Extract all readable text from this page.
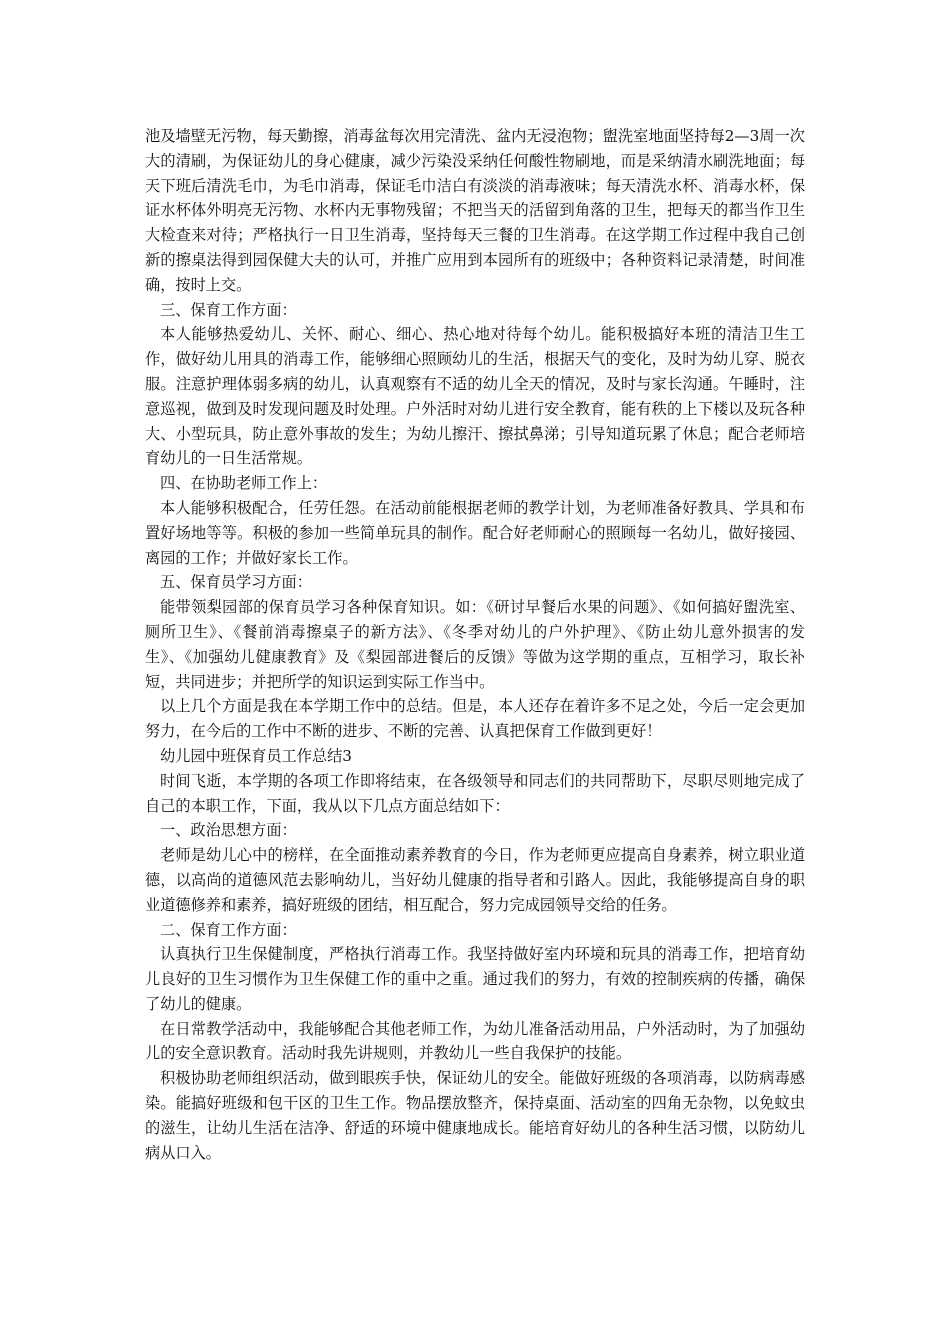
池及墙壁无污物，每天勤擦，消毒盆每次用完清洗、盆内无浸泡物；盥洗室地面坚持每2—3周一次大的清刷，为保证幼儿的身心健康，减少污染没采纳任何酸性物刷地，而是采纳清水刷洗地面；每天下班后清洗毛巾，为毛巾消毒，保证毛巾洁白有淡淡的消毒液味；每天清洗水杯、消毒水杯，保证水杯体外明亮无污物、水杯内无事物残留；不把当天的活留到角落的卫生，把每天的都当作卫生大检查来对待；严格执行一日卫生消毒，坚持每天三餐的卫生消毒。在这学期工作过程中我自己创新的擦桌法得到园保健大夫的认可，并推广应用到本园所有的班级中；各种资料记录清楚，时间准确，按时上交。

三、保育工作方面：

本人能够热爱幼儿、关怀、耐心、细心、热心地对待每个幼儿。能积极搞好本班的清洁卫生工作，做好幼儿用具的消毒工作，能够细心照顾幼儿的生活，根据天气的变化，及时为幼儿穿、脱衣服。注意护理体弱多病的幼儿，认真观察有不适的幼儿全天的情况，及时与家长沟通。午睡时，注意巡视，做到及时发现问题及时处理。户外活时对幼儿进行安全教育，能有秩的上下楼以及玩各种大、小型玩具，防止意外事故的发生；为幼儿擦汗、擦拭鼻涕；引导知道玩累了休息；配合老师培育幼儿的一日生活常规。

四、在协助老师工作上：

本人能够积极配合，任劳任怨。在活动前能根据老师的教学计划，为老师准备好教具、学具和布置好场地等等。积极的参加一些简单玩具的制作。配合好老师耐心的照顾每一名幼儿，做好接园、离园的工作；并做好家长工作。

五、保育员学习方面：

能带领梨园部的保育员学习各种保育知识。如：《研讨早餐后水果的问题》、《如何搞好盥洗室、厕所卫生》、《餐前消毒擦桌子的新方法》、《冬季对幼儿的户外护理》、《防止幼儿意外损害的发生》、《加强幼儿健康教育》及《梨园部进餐后的反馈》等做为这学期的重点，互相学习，取长补短，共同进步；并把所学的知识运到实际工作当中。

以上几个方面是我在本学期工作中的总结。但是，本人还存在着许多不足之处，今后一定会更加努力，在今后的工作中不断的进步、不断的完善、认真把保育工作做到更好！

幼儿园中班保育员工作总结3

时间飞逝，本学期的各项工作即将结束，在各级领导和同志们的共同帮助下，尽职尽则地完成了自己的本职工作，下面，我从以下几点方面总结如下：

一、政治思想方面：

老师是幼儿心中的榜样，在全面推动素养教育的今日，作为老师更应提高自身素养，树立职业道德，以高尚的道德风范去影响幼儿，当好幼儿健康的指导者和引路人。因此，我能够提高自身的职业道德修养和素养，搞好班级的团结，相互配合，努力完成园领导交给的任务。

二、保育工作方面：

认真执行卫生保健制度，严格执行消毒工作。我坚持做好室内环境和玩具的消毒工作，把培育幼儿良好的卫生习惯作为卫生保健工作的重中之重。通过我们的努力，有效的控制疾病的传播，确保了幼儿的健康。

在日常教学活动中，我能够配合其他老师工作，为幼儿准备活动用品，户外活动时，为了加强幼儿的安全意识教育。活动时我先讲规则，并教幼儿一些自我保护的技能。

积极协助老师组织活动，做到眼疾手快，保证幼儿的安全。能做好班级的各项消毒，以防病毒感染。能搞好班级和包干区的卫生工作。物品摆放整齐，保持桌面、活动室的四角无杂物，以免蚊虫的滋生，让幼儿生活在洁净、舒适的环境中健康地成长。能培育好幼儿的各种生活习惯，以防幼儿病从口入。
